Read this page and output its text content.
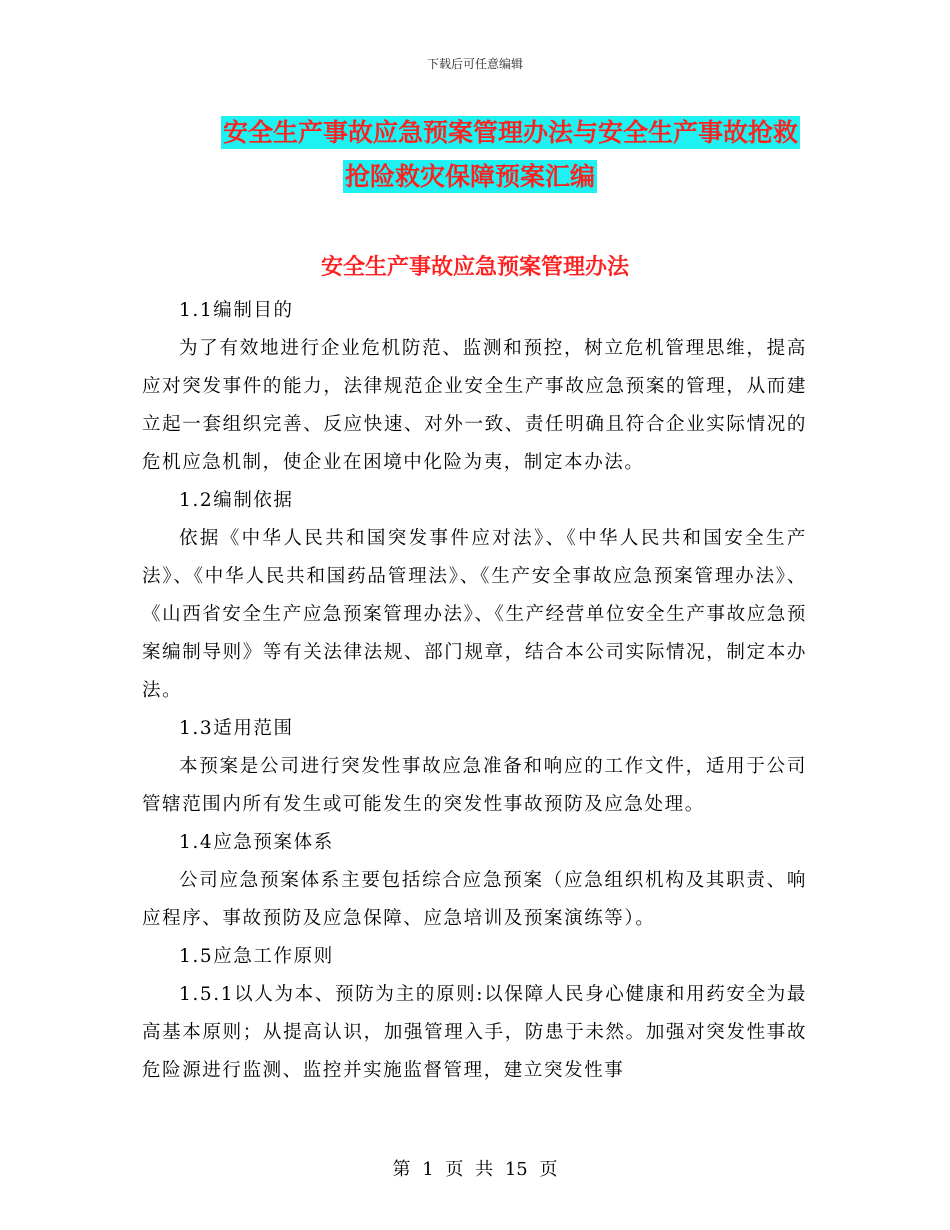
下载后可任意编辑
安全生产事故应急预案管理办法与安全生产事故抢救
抢险救灾保障预案汇编
安全生产事故应急预案管理办法

1.1编制目的

为了有效地进行企业危机防范、监测和预控，树立危机管理思维，提高应对突发事件的能力，法律规范企业安全生产事故应急预案的管理，从而建立起一套组织完善、反应快速、对外一致、责任明确且符合企业实际情况的危机应急机制，使企业在困境中化险为夷，制定本办法。

1.2编制依据

依据《中华人民共和国突发事件应对法》、《中华人民共和国安全生产法》、《中华人民共和国药品管理法》、《生产安全事故应急预案管理办法》、《山西省安全生产应急预案管理办法》、《生产经营单位安全生产事故应急预案编制导则》等有关法律法规、部门规章，结合本公司实际情况，制定本办法。

1.3适用范围

本预案是公司进行突发性事故应急准备和响应的工作文件，适用于公司管辖范围内所有发生或可能发生的突发性事故预防及应急处理。

1.4应急预案体系

公司应急预案体系主要包括综合应急预案（应急组织机构及其职责、响应程序、事故预防及应急保障、应急培训及预案演练等）。

1.5应急工作原则

1.5.1以人为本、预防为主的原则:以保障人民身心健康和用药安全为最高基本原则；从提高认识，加强管理入手，防患于未然。加强对突发性事故危险源进行监测、监控并实施监督管理，建立突发性事

第 1 页 共 15 页
